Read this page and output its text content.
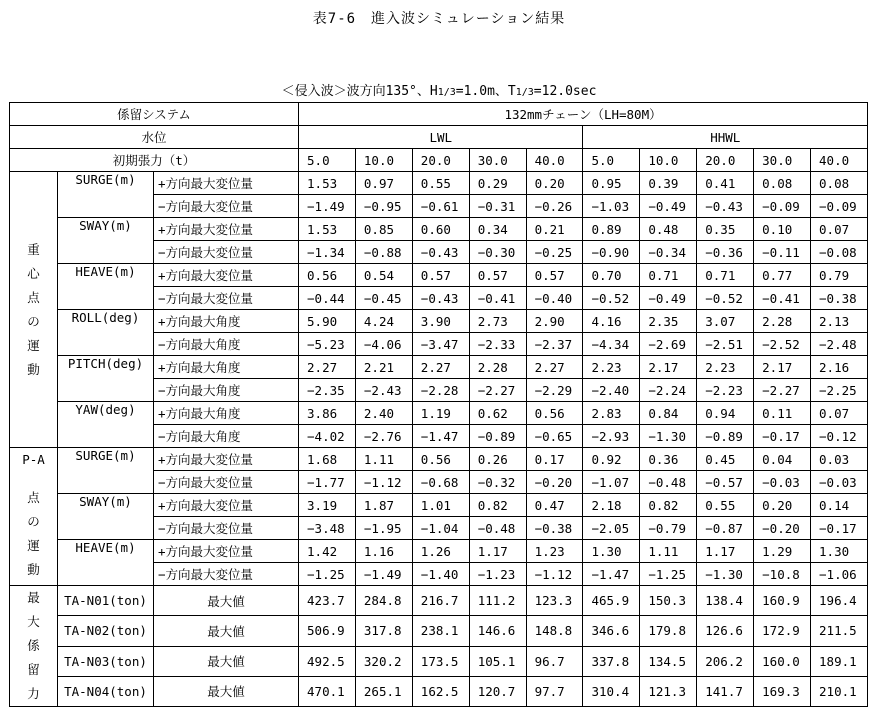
表7-6　進入波シミュレーション結果
＜侵入波＞波方向135°、H1/3=1.0m、T1/3=12.0sec
係留システム			132mmチェーン（LH=80M）									
水位			LWL					HHWL				
初期張力（t）			5.0	10.0	20.0	30.0	40.0	5.0	10.0	20.0	30.0	40.0
重心点の運動	SURGE(m)	+方向最大変位量	1.53	0.97	0.55	0.29	0.20	0.95	0.39	0.41	0.08	0.08
		−方向最大変位量	−1.49	−0.95	−0.61	−0.31	−0.26	−1.03	−0.49	−0.43	−0.09	−0.09
	SWAY(m)	+方向最大変位量	1.53	0.85	0.60	0.34	0.21	0.89	0.48	0.35	0.10	0.07
		−方向最大変位量	−1.34	−0.88	−0.43	−0.30	−0.25	−0.90	−0.34	−0.36	−0.11	−0.08
	HEAVE(m)	+方向最大変位量	0.56	0.54	0.57	0.57	0.57	0.70	0.71	0.71	0.77	0.79
		−方向最大変位量	−0.44	−0.45	−0.43	−0.41	−0.40	−0.52	−0.49	−0.52	−0.41	−0.38
	ROLL(deg)	+方向最大角度	5.90	4.24	3.90	2.73	2.90	4.16	2.35	3.07	2.28	2.13
		−方向最大角度	−5.23	−4.06	−3.47	−2.33	−2.37	−4.34	−2.69	−2.51	−2.52	−2.48
	PITCH(deg)	+方向最大角度	2.27	2.21	2.27	2.28	2.27	2.23	2.17	2.23	2.17	2.16
		−方向最大角度	−2.35	−2.43	−2.28	−2.27	−2.29	−2.40	−2.24	−2.23	−2.27	−2.25
	YAW(deg)	+方向最大角度	3.86	2.40	1.19	0.62	0.56	2.83	0.84	0.94	0.11	0.07
		−方向最大角度	−4.02	−2.76	−1.47	−0.89	−0.65	−2.93	−1.30	−0.89	−0.17	−0.12

P-A
点の運動	SURGE(m)	+方向最大変位量	1.68	1.11	0.56	0.26	0.17	0.92	0.36	0.45	0.04	0.03
		−方向最大変位量	−1.77	−1.12	−0.68	−0.32	−0.20	−1.07	−0.48	−0.57	−0.03	−0.03
	SWAY(m)	+方向最大変位量	3.19	1.87	1.01	0.82	0.47	2.18	0.82	0.55	0.20	0.14
		−方向最大変位量	−3.48	−1.95	−1.04	−0.48	−0.38	−2.05	−0.79	−0.87	−0.20	−0.17
	HEAVE(m)	+方向最大変位量	1.42	1.16	1.26	1.17	1.23	1.30	1.11	1.17	1.29	1.30
		−方向最大変位量	−1.25	−1.49	−1.40	−1.23	−1.12	−1.47	−1.25	−1.30	−10.8	−1.06
最大係留力	TA-N01(ton)	最大値	423.7	284.8	216.7	111.2	123.3	465.9	150.3	138.4	160.9	196.4
	TA-N02(ton)	最大値	506.9	317.8	238.1	146.6	148.8	346.6	179.8	126.6	172.9	211.5
	TA-N03(ton)	最大値	492.5	320.2	173.5	105.1	96.7	337.8	134.5	206.2	160.0	189.1
	TA-N04(ton)	最大値	470.1	265.1	162.5	120.7	97.7	310.4	121.3	141.7	169.3	210.1
